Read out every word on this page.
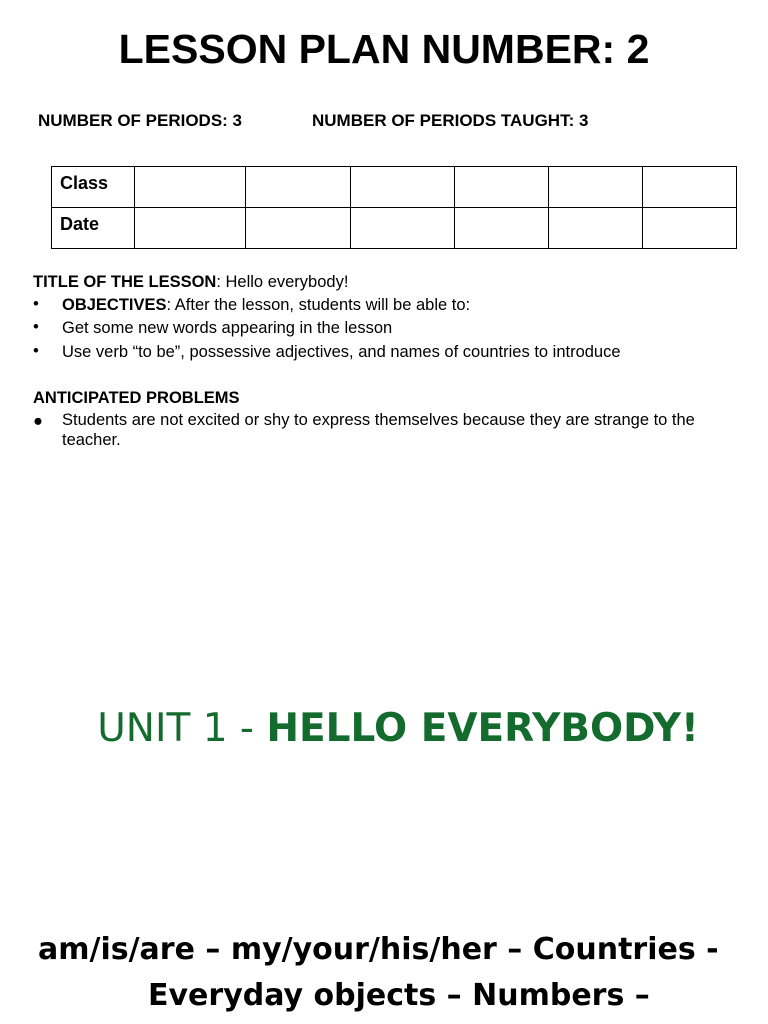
LESSON PLAN NUMBER: 2
NUMBER OF PERIODS: 3	NUMBER OF PERIODS TAUGHT: 3
Class						
Date						
TITLE OF THE LESSON: Hello everybody!
• OBJECTIVES: After the lesson, students will be able to:
• Get some new words appearing in the lesson
• Use verb “to be”, possessive adjectives, and names of countries to introduce
ANTICIPATED PROBLEMS
● Students are not excited or shy to express themselves because they are strange to the teacher.
UNIT 1 - HELLO EVERYBODY!
am/is/are – my/your/his/her – Countries -
Everyday objects – Numbers –
